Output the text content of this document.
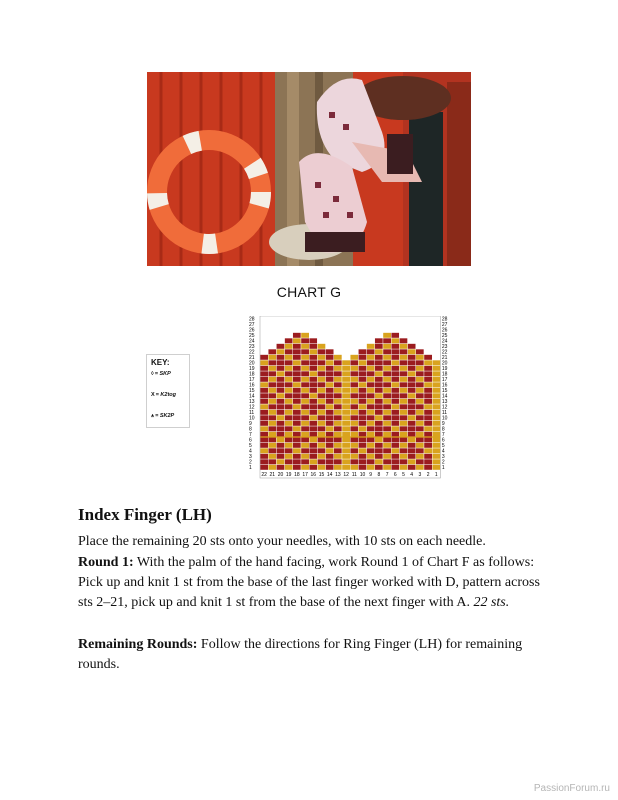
CHART G
KEY:
◊= SKP
X= K2tog
⩚= SK2P
1	1
2	2
3	3
4	4
5	5
6	6
7	7
8	8
9	9
10	10
11	11
12	12
13	13
14	14
15	15
16	16
17	17
18	18
19	19
20	20
21	21
22	22
23	23
24	24
25	25
26	26
27	27
28	28
22 21 20 19 18 17 16 15 14 13 12 11 10 9 8 7 6 5 4 3 2 1
Index Finger (LH)

Place the remaining 20 sts onto your needles, with 10 sts on each needle.

Round 1: With the palm of the hand facing, work Round 1 of Chart F as follows: Pick up and knit 1 st from the base of the last finger worked with D, pattern across sts 2–21, pick up and knit 1 st from the base of the next finger with A. 22 sts.

Remaining Rounds: Follow the directions for Ring Finger (LH) for remaining rounds.

PassionForum.ru
